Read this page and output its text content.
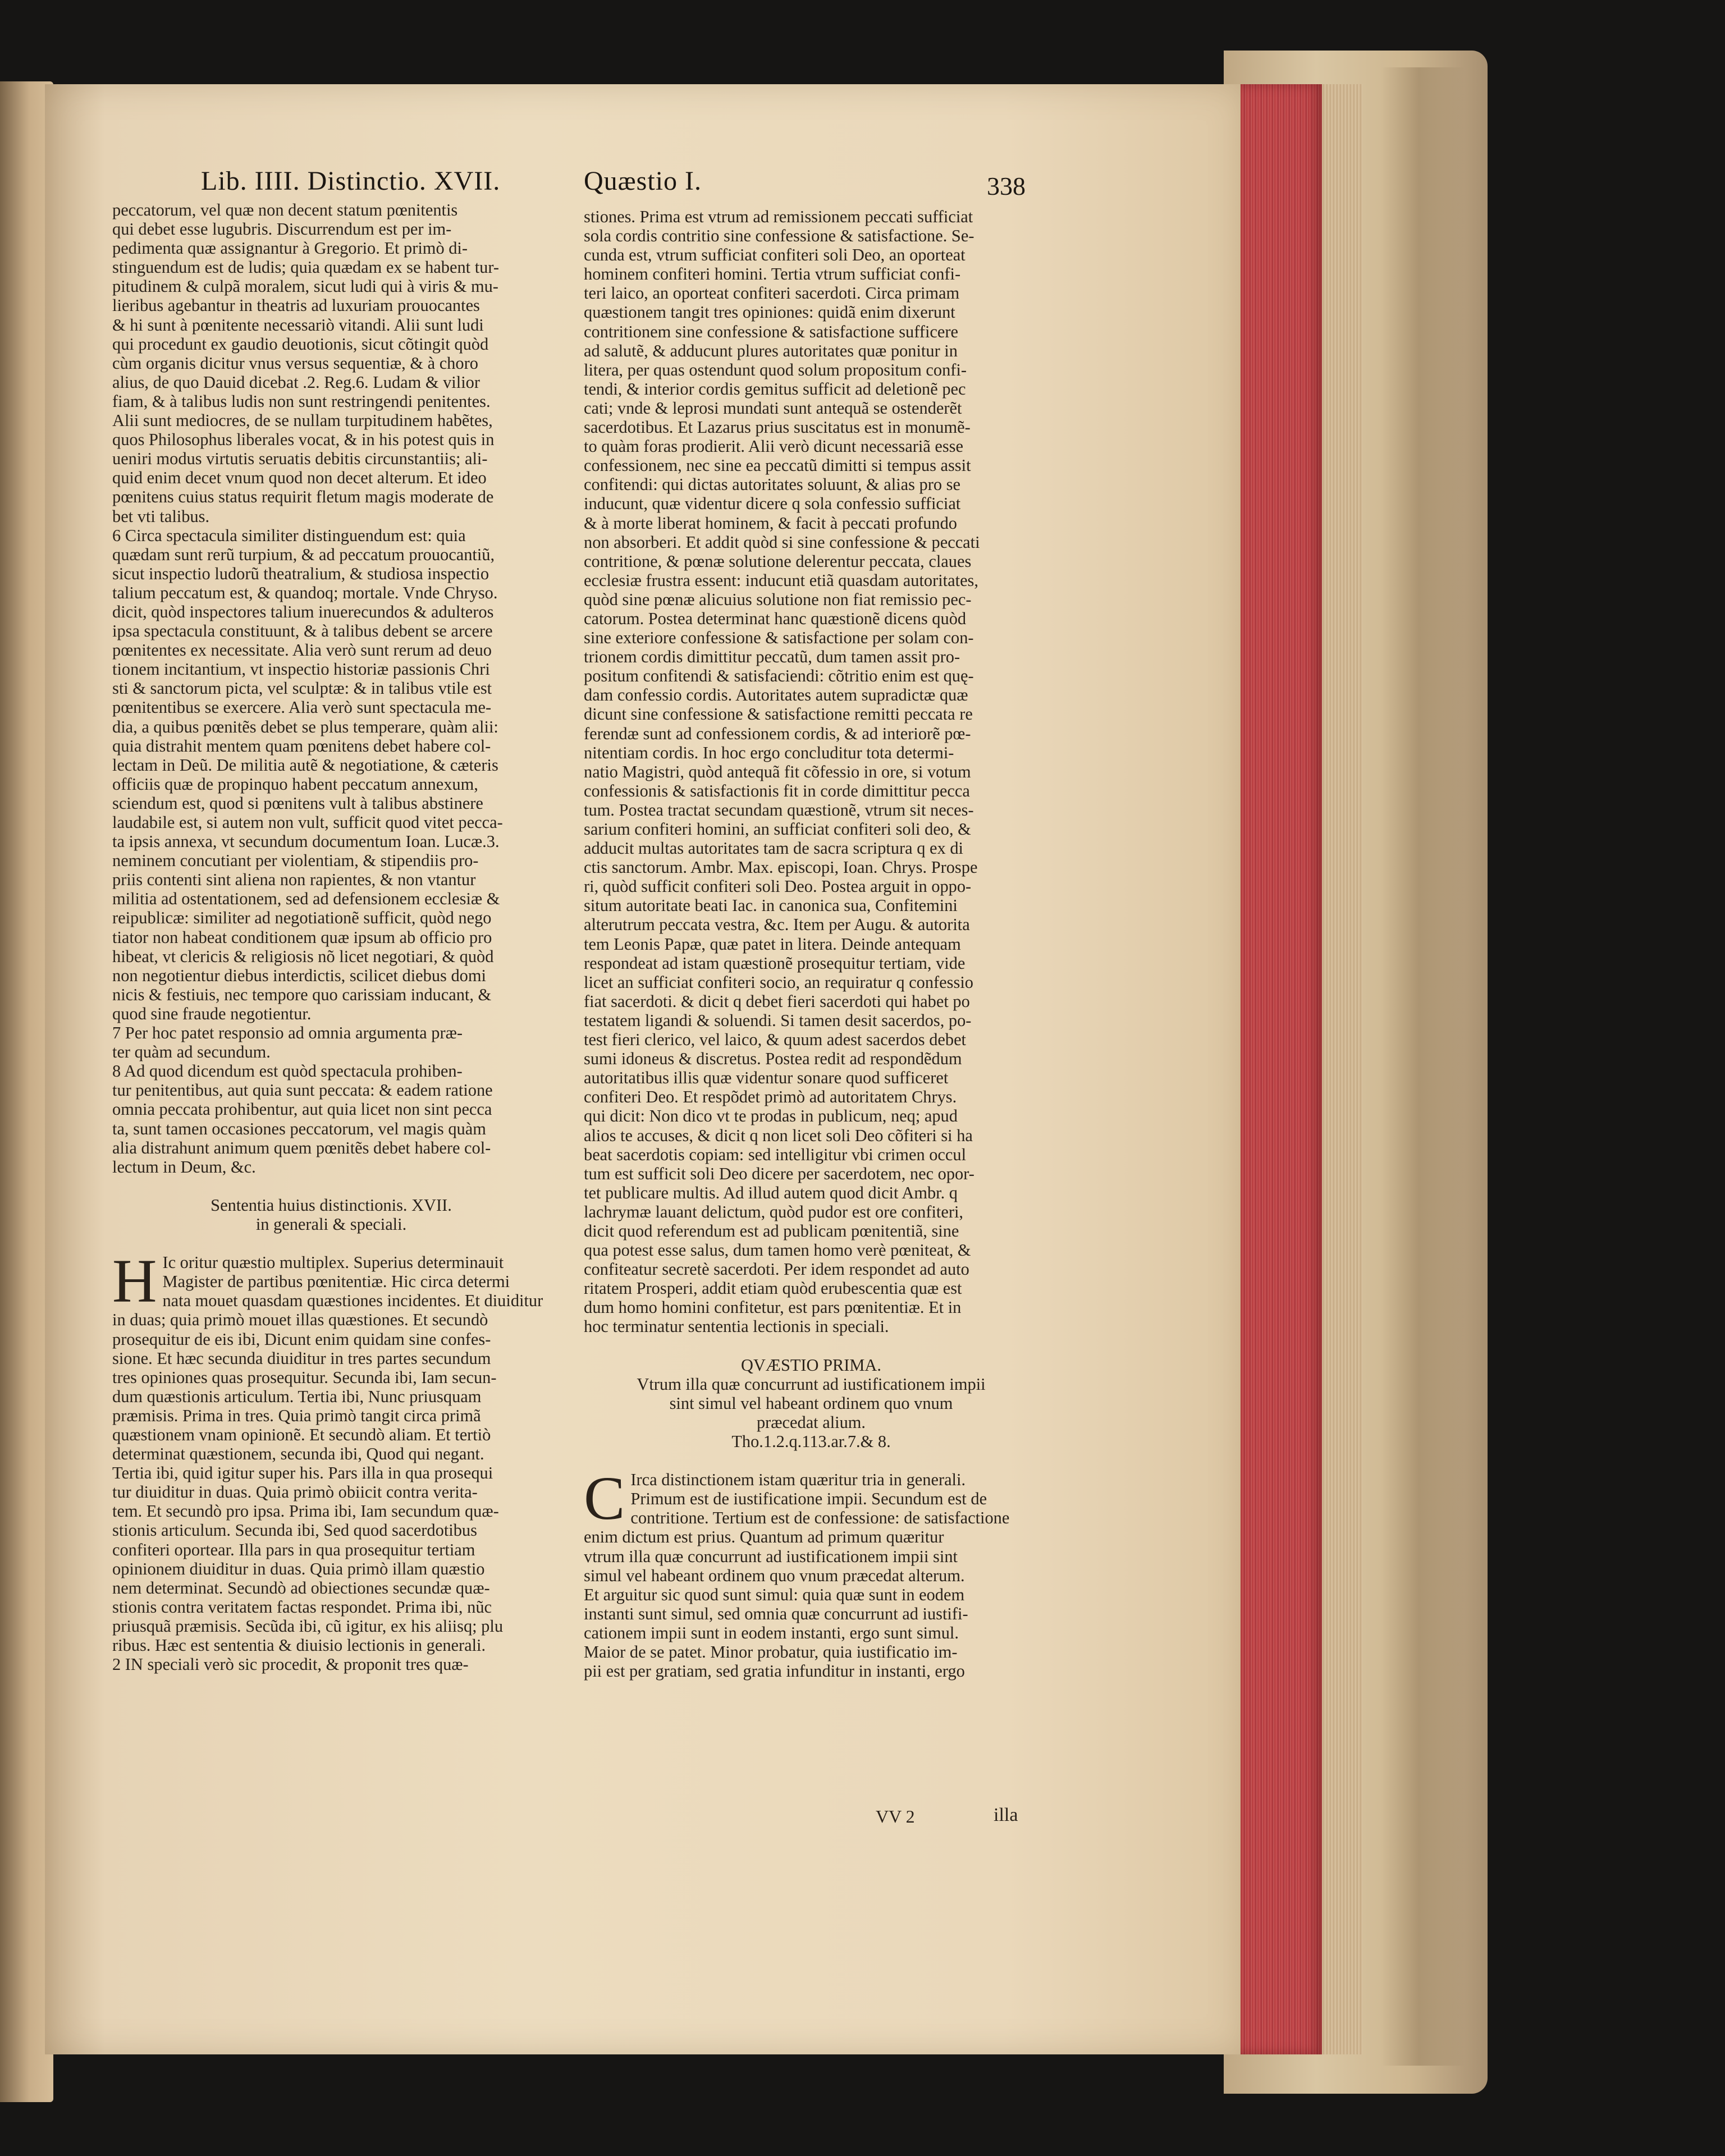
Lib. IIII. Distinctio. XVII.	Quæstio I.	338
peccatorum, vel quæ non decent statum pœnitentis
qui debet esse lugubris. Discurrendum est per im-
pedimenta quæ assignantur à Gregorio. Et primò di-
stinguendum est de ludis; quia quædam ex se habent tur-
pitudinem & culpã moralem, sicut ludi qui à viris & mu-
lieribus agebantur in theatris ad luxuriam prouocantes
& hi sunt à pœnitente necessariò vitandi. Alii sunt ludi
qui procedunt ex gaudio deuotionis, sicut cõtingit quòd
cùm organis dicitur vnus versus sequentiæ, & à choro
alius, de quo Dauid dicebat .2. Reg.6. Ludam & vilior
fiam, & à talibus ludis non sunt restringendi penitentes.
Alii sunt mediocres, de se nullam turpitudinem habẽtes,
quos Philosophus liberales vocat, & in his potest quis in
ueniri modus virtutis seruatis debitis circunstantiis; ali-
quid enim decet vnum quod non decet alterum. Et ideo
pœnitens cuius status requirit fletum magis moderate de
bet vti talibus.
6 Circa spectacula similiter distinguendum est: quia
quædam sunt rerũ turpium, & ad peccatum prouocantiũ,
sicut inspectio ludorũ theatralium, & studiosa inspectio
talium peccatum est, & quandoq; mortale. Vnde Chryso.
dicit, quòd inspectores talium inuerecundos & adulteros
ipsa spectacula constituunt, & à talibus debent se arcere
pœnitentes ex necessitate. Alia verò sunt rerum ad deuo
tionem incitantium, vt inspectio historiæ passionis Chri
sti & sanctorum picta, vel sculptæ: & in talibus vtile est
pœnitentibus se exercere. Alia verò sunt spectacula me-
dia, a quibus pœnitẽs debet se plus temperare, quàm alii:
quia distrahit mentem quam pœnitens debet habere col-
lectam in Deũ. De militia autẽ & negotiatione, & cæteris
officiis quæ de propinquo habent peccatum annexum,
sciendum est, quod si pœnitens vult à talibus abstinere
laudabile est, si autem non vult, sufficit quod vitet pecca-
ta ipsis annexa, vt secundum documentum Ioan. Lucæ.3.
neminem concutiant per violentiam, & stipendiis pro-
priis contenti sint aliena non rapientes, & non vtantur
militia ad ostentationem, sed ad defensionem ecclesiæ &
reipublicæ: similiter ad negotiationẽ sufficit, quòd nego
tiator non habeat conditionem quæ ipsum ab officio pro
hibeat, vt clericis & religiosis nõ licet negotiari, & quòd
non negotientur diebus interdictis, scilicet diebus domi
nicis & festiuis, nec tempore quo carissiam inducant, &
quod sine fraude negotientur.
7 Per hoc patet responsio ad omnia argumenta præ-
ter quàm ad secundum.
8 Ad quod dicendum est quòd spectacula prohiben-
tur penitentibus, aut quia sunt peccata: & eadem ratione
omnia peccata prohibentur, aut quia licet non sint pecca
ta, sunt tamen occasiones peccatorum, vel magis quàm
alia distrahunt animum quem pœnitẽs debet habere col-
lectum in Deum, &c.

Sententia huius distinctionis. XVII.
in generali & speciali.

H Ic oritur quæstio multiplex. Superius determinauit
Magister de partibus pœnitentiæ. Hic circa determi
nata mouet quasdam quæstiones incidentes. Et diuiditur
in duas; quia primò mouet illas quæstiones. Et secundò
prosequitur de eis ibi, Dicunt enim quidam sine confes-
sione. Et hæc secunda diuiditur in tres partes secundum
tres opiniones quas prosequitur. Secunda ibi, Iam secun-
dum quæstionis articulum. Tertia ibi, Nunc priusquam
præmisis. Prima in tres. Quia primò tangit circa primã
quæstionem vnam opinionẽ. Et secundò aliam. Et tertiò
determinat quæstionem, secunda ibi, Quod qui negant.
Tertia ibi, quid igitur super his. Pars illa in qua prosequi
tur diuiditur in duas. Quia primò obiicit contra verita-
tem. Et secundò pro ipsa. Prima ibi, Iam secundum quæ-
stionis articulum. Secunda ibi, Sed quod sacerdotibus
confiteri oportear. Illa pars in qua prosequitur tertiam
opinionem diuiditur in duas. Quia primò illam quæstio
nem determinat. Secundò ad obiectiones secundæ quæ-
stionis contra veritatem factas respondet. Prima ibi, nũc
priusquã præmisis. Secũda ibi, cũ igitur, ex his aliisq; plu
ribus. Hæc est sententia & diuisio lectionis in generali.
2 IN speciali verò sic procedit, & proponit tres quæ-
stiones. Prima est vtrum ad remissionem peccati sufficiat
sola cordis contritio sine confessione & satisfactione. Se-
cunda est, vtrum sufficiat confiteri soli Deo, an oporteat
hominem confiteri homini. Tertia vtrum sufficiat confi-
teri laico, an oporteat confiteri sacerdoti. Circa primam
quæstionem tangit tres opiniones: quidã enim dixerunt
contritionem sine confessione & satisfactione sufficere
ad salutẽ, & adducunt plures autoritates quæ ponitur in
litera, per quas ostendunt quod solum propositum confi-
tendi, & interior cordis gemitus sufficit ad deletionẽ pec
cati; vnde & leprosi mundati sunt antequã se ostenderẽt
sacerdotibus. Et Lazarus prius suscitatus est in monumẽ-
to quàm foras prodierit. Alii verò dicunt necessariã esse
confessionem, nec sine ea peccatũ dimitti si tempus assit
confitendi: qui dictas autoritates soluunt, & alias pro se
inducunt, quæ videntur dicere q sola confessio sufficiat
& à morte liberat hominem, & facit à peccati profundo
non absorberi. Et addit quòd si sine confessione & peccati
contritione, & pœnæ solutione delerentur peccata, claues
ecclesiæ frustra essent: inducunt etiã quasdam autoritates,
quòd sine pœnæ alicuius solutione non fiat remissio pec-
catorum. Postea determinat hanc quæstionẽ dicens quòd
sine exteriore confessione & satisfactione per solam con-
trionem cordis dimittitur peccatũ, dum tamen assit pro-
positum confitendi & satisfaciendi: cõtritio enim est quę-
dam confessio cordis. Autoritates autem supradictæ quæ
dicunt sine confessione & satisfactione remitti peccata re
ferendæ sunt ad confessionem cordis, & ad interiorẽ pœ-
nitentiam cordis. In hoc ergo concluditur tota determi-
natio Magistri, quòd antequã fit cõfessio in ore, si votum
confessionis & satisfactionis fit in corde dimittitur pecca
tum. Postea tractat secundam quæstionẽ, vtrum sit neces-
sarium confiteri homini, an sufficiat confiteri soli deo, &
adducit multas autoritates tam de sacra scriptura q ex di
ctis sanctorum. Ambr. Max. episcopi, Ioan. Chrys. Prospe
ri, quòd sufficit confiteri soli Deo. Postea arguit in oppo-
situm autoritate beati Iac. in canonica sua, Confitemini
alterutrum peccata vestra, &c. Item per Augu. & autorita
tem Leonis Papæ, quæ patet in litera. Deinde antequam
respondeat ad istam quæstionẽ prosequitur tertiam, vide
licet an sufficiat confiteri socio, an requiratur q confessio
fiat sacerdoti. & dicit q debet fieri sacerdoti qui habet po
testatem ligandi & soluendi. Si tamen desit sacerdos, po-
test fieri clerico, vel laico, & quum adest sacerdos debet
sumi idoneus & discretus. Postea redit ad respondẽdum
autoritatibus illis quæ videntur sonare quod sufficeret
confiteri Deo. Et respõdet primò ad autoritatem Chrys.
qui dicit: Non dico vt te prodas in publicum, neq; apud
alios te accuses, & dicit q non licet soli Deo cõfiteri si ha
beat sacerdotis copiam: sed intelligitur vbi crimen occul
tum est sufficit soli Deo dicere per sacerdotem, nec opor-
tet publicare multis. Ad illud autem quod dicit Ambr. q
lachrymæ lauant delictum, quòd pudor est ore confiteri,
dicit quod referendum est ad publicam pœnitentiã, sine
qua potest esse salus, dum tamen homo verè pœniteat, &
confiteatur secretè sacerdoti. Per idem respondet ad auto
ritatem Prosperi, addit etiam quòd erubescentia quæ est
dum homo homini confitetur, est pars pœnitentiæ. Et in
hoc terminatur sententia lectionis in speciali.

QVÆSTIO PRIMA.
Vtrum illa quæ concurrunt ad iustificationem impii
sint simul vel habeant ordinem quo vnum
præcedat alium.
Tho.1.2.q.113.ar.7.& 8.

C Irca distinctionem istam quæritur tria in generali.
Primum est de iustificatione impii. Secundum est de
contritione. Tertium est de confessione: de satisfactione
enim dictum est prius. Quantum ad primum quæritur
vtrum illa quæ concurrunt ad iustificationem impii sint
simul vel habeant ordinem quo vnum præcedat alterum.
Et arguitur sic quod sunt simul: quia quæ sunt in eodem
instanti sunt simul, sed omnia quæ concurrunt ad iustifi-
cationem impii sunt in eodem instanti, ergo sunt simul.
Maior de se patet. Minor probatur, quia iustificatio im-
pii est per gratiam, sed gratia infunditur in instanti, ergo
VV 2	illa
